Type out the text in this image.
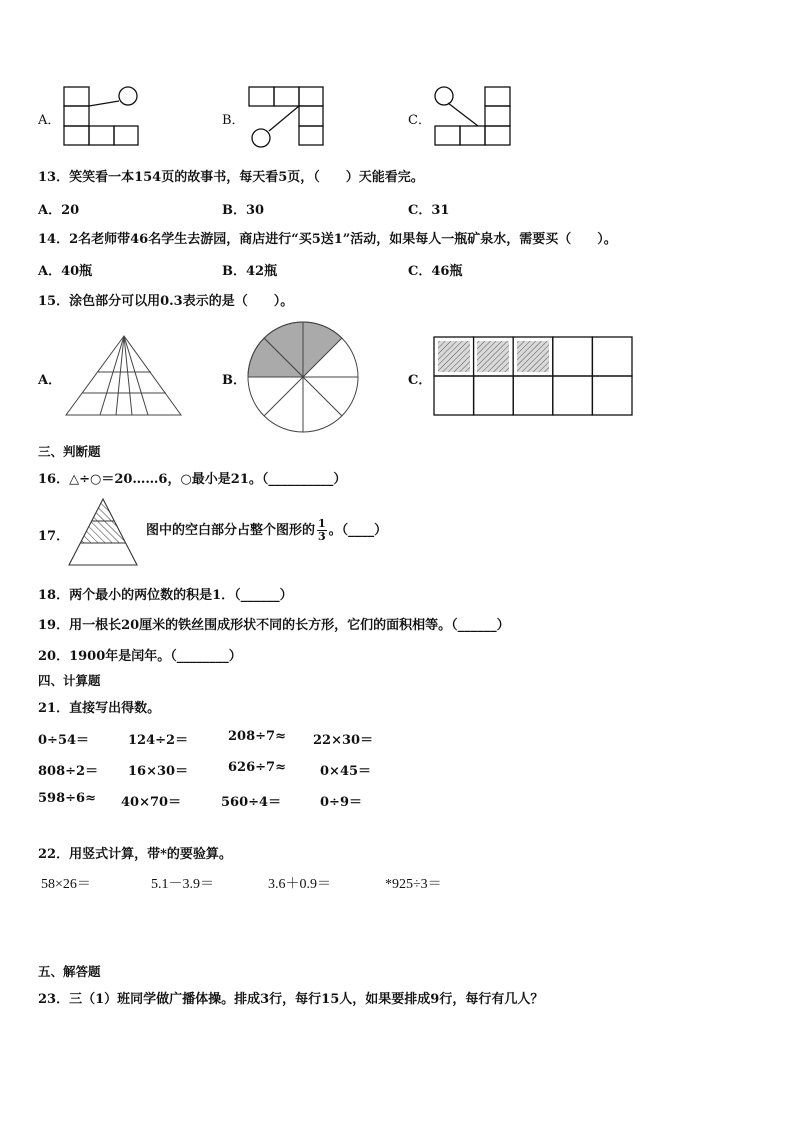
A．	B．	C．
13．笑笑看一本154页的故事书，每天看5页，（　　）天能看完。
A．20	B．30	C．31
14．2名老师带46名学生去游园，商店进行“买5送1”活动，如果每人一瓶矿泉水，需要买（　　）。
A．40瓶	B．42瓶	C．46瓶
15．涂色部分可以用0.3表示的是（　　）。
A．	B．	C．
三、判断题
16．△÷○＝20……6，○最小是21。（__________）
17．	图中的空白部分占整个图形的 $\frac{1}{3}$ 。（____）
18．两个最小的两位数的积是1．（______）
19．用一根长20厘米的铁丝围成形状不同的长方形，它们的面积相等。（______）
20．1900年是闰年。（________）
四、计算题
21．直接写出得数。
0÷54＝	124÷2＝	208÷7≈ 22×30＝
808÷2＝ 16×30＝	626÷7≈	0×45＝
598÷6≈ 40×70＝	560÷4＝	0÷9＝
22．用竖式计算，带*的要验算。
58×26＝	5.1－3.9＝	3.6＋0.9＝	*925÷3＝
五、解答题
23．三（1）班同学做广播体操。排成3行，每行15人，如果要排成9行，每行有几人？
